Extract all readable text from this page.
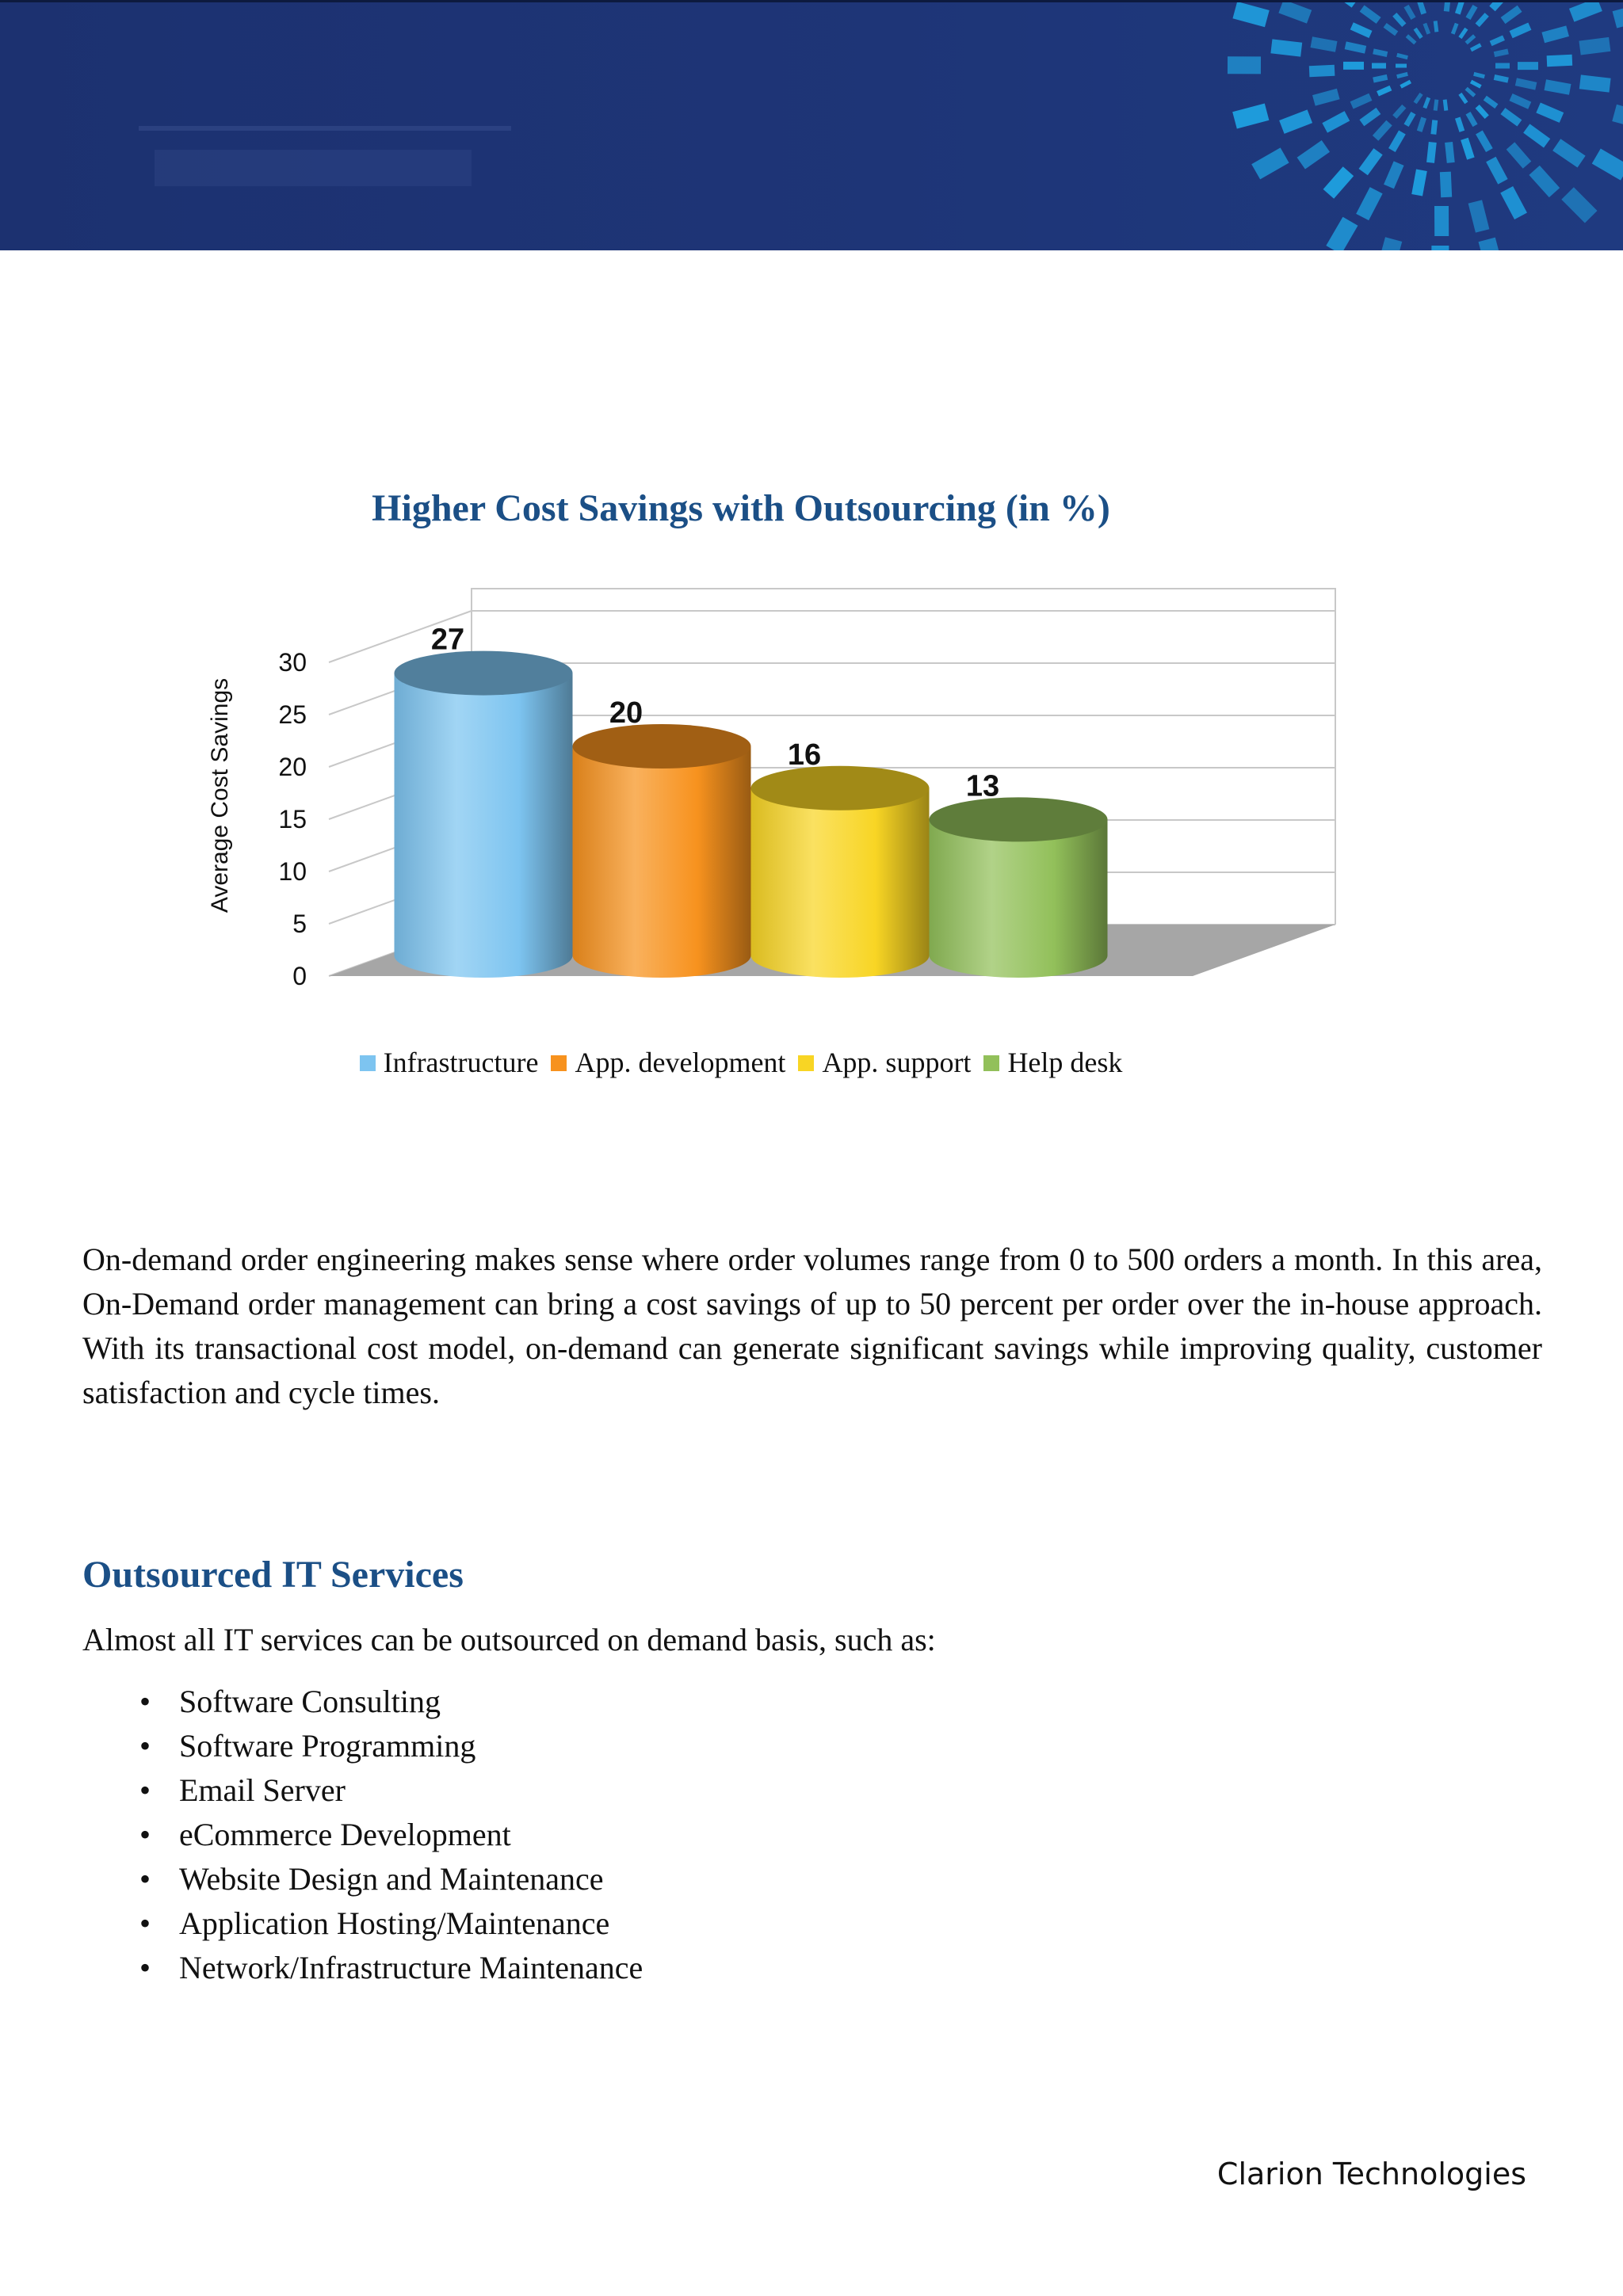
Higher Cost Savings with Outsourcing (in %)
0
5
10
15
20
25
30
27
20
16
13
Average Cost Savings
Infrastructure App. development App. support Help desk
On-demand order engineering makes sense where order volumes range from 0 to 500 orders a month. In this area, On-Demand order management can bring a cost savings of up to 50 percent per order over the in-house approach. With its transactional cost model, on-demand can generate significant savings while improving quality, customer satisfaction and cycle times.
Outsourced IT Services
Almost all IT services can be outsourced on demand basis, such as:
• Software Consulting
• Software Programming
• Email Server
• eCommerce Development
• Website Design and Maintenance
• Application Hosting/Maintenance
• Network/Infrastructure Maintenance
Clarion Technologies
